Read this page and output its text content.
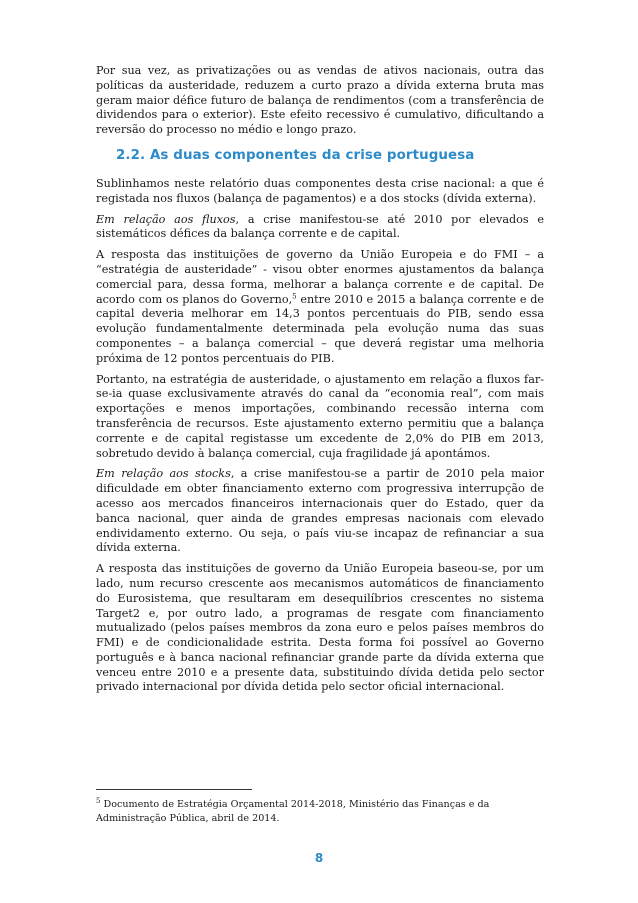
Por sua vez, as privatizações ou as vendas de ativos nacionais, outra das políticas da austeridade, reduzem a curto prazo a dívida externa bruta mas geram maior défice futuro de balança de rendimentos (com a transferência de dividendos para o exterior). Este efeito recessivo é cumulativo, dificultando a reversão do processo no médio e longo prazo.

2.2. As duas componentes da crise portuguesa

Sublinhamos neste relatório duas componentes desta crise nacional: a que é registada nos fluxos (balança de pagamentos) e a dos stocks (dívida externa).

Em relação aos fluxos, a crise manifestou-se até 2010 por elevados e sistemáticos défices da balança corrente e de capital.

A resposta das instituições de governo da União Europeia e do FMI – a “estratégia de austeridade” - visou obter enormes ajustamentos da balança comercial para, dessa forma, melhorar a balança corrente e de capital. De acordo com os planos do Governo,$^5$ entre 2010 e 2015 a balança corrente e de capital deveria melhorar em 14,3 pontos percentuais do PIB, sendo essa evolução fundamentalmente determinada pela evolução numa das suas componentes – a balança comercial – que deverá registar uma melhoria próxima de 12 pontos percentuais do PIB.

Portanto, na estratégia de austeridade, o ajustamento em relação a fluxos far-se-ia quase exclusivamente através do canal da “economia real”, com mais exportações e menos importações, combinando recessão interna com transferência de recursos. Este ajustamento externo permitiu que a balança corrente e de capital registasse um excedente de 2,0% do PIB em 2013, sobretudo devido à balança comercial, cuja fragilidade já apontámos.

Em relação aos stocks, a crise manifestou-se a partir de 2010 pela maior dificuldade em obter financiamento externo com progressiva interrupção de acesso aos mercados financeiros internacionais quer do Estado, quer da banca nacional, quer ainda de grandes empresas nacionais com elevado endividamento externo. Ou seja, o país viu-se incapaz de refinanciar a sua dívida externa.

A resposta das instituições de governo da União Europeia baseou-se, por um lado, num recurso crescente aos mecanismos automáticos de financiamento do Eurosistema, que resultaram em desequilíbrios crescentes no sistema Target2 e, por outro lado, a programas de resgate com financiamento mutualizado (pelos países membros da zona euro e pelos países membros do FMI) e de condicionalidade estrita. Desta forma foi possível ao Governo português e à banca nacional refinanciar grande parte da dívida externa que venceu entre 2010 e a presente data, substituindo dívida detida pelo sector privado internacional por dívida detida pelo sector oficial internacional.

$^5$ Documento de Estratégia Orçamental 2014-2018, Ministério das Finanças e da Administração Pública, abril de 2014.
8
